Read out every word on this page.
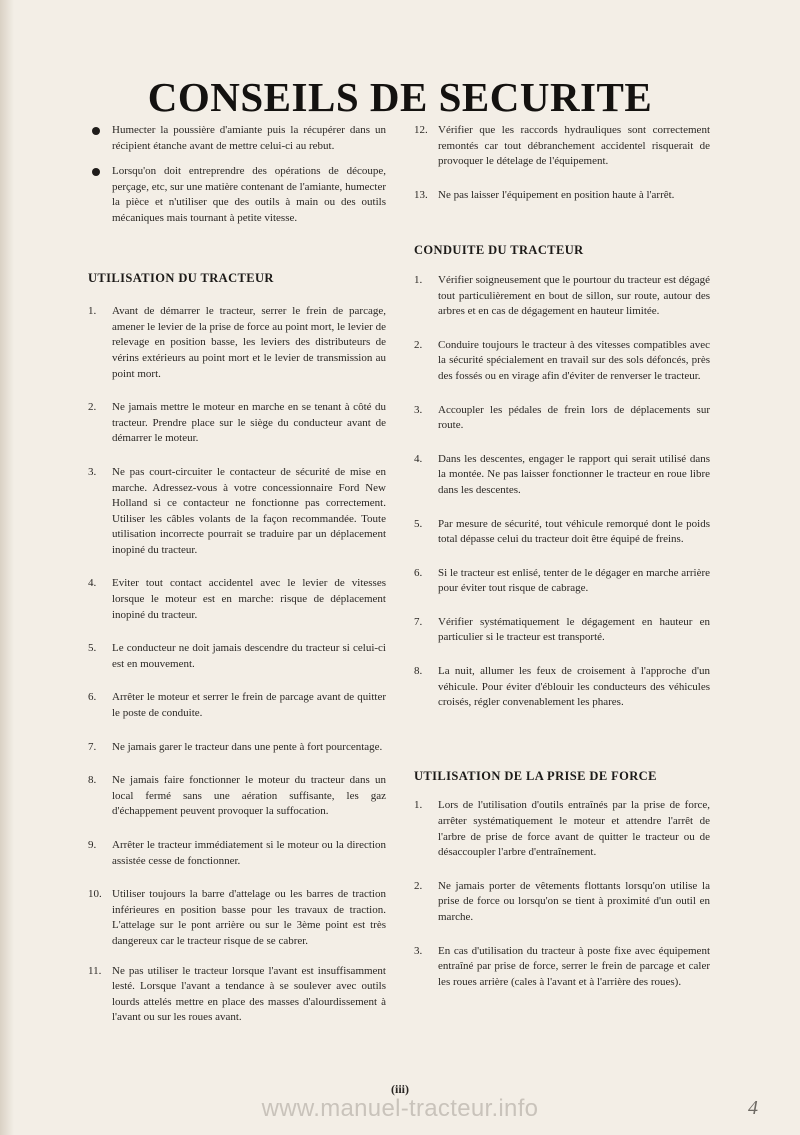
CONSEILS DE SECURITE
Humecter la poussière d'amiante puis la récupérer dans un récipient étanche avant de mettre celui-ci au rebut.
Lorsqu'on doit entreprendre des opérations de découpe, perçage, etc, sur une matière contenant de l'amiante, humecter la pièce et n'utiliser que des outils à main ou des outils mécaniques mais tournant à petite vitesse.
UTILISATION DU TRACTEUR
1.	Avant de démarrer le tracteur, serrer le frein de parcage, amener le levier de la prise de force au point mort, le levier de relevage en position basse, les leviers des distributeurs de vérins extérieurs au point mort et le levier de transmission au point mort.
2.	Ne jamais mettre le moteur en marche en se tenant à côté du tracteur. Prendre place sur le siège du conducteur avant de démarrer le moteur.
3.	Ne pas court-circuiter le contacteur de sécurité de mise en marche. Adressez-vous à votre concessionnaire Ford New Holland si ce contacteur ne fonctionne pas correctement. Utiliser les câbles volants de la façon recommandée. Toute utilisation incorrecte pourrait se traduire par un déplacement inopiné du tracteur.
4.	Eviter tout contact accidentel avec le levier de vitesses lorsque le moteur est en marche: risque de déplacement inopiné du tracteur.
5.	Le conducteur ne doit jamais descendre du tracteur si celui-ci est en mouvement.
6.	Arrêter le moteur et serrer le frein de parcage avant de quitter le poste de conduite.
7.	Ne jamais garer le tracteur dans une pente à fort pourcentage.
8.	Ne jamais faire fonctionner le moteur du tracteur dans un local fermé sans une aération suffisante, les gaz d'échappement peuvent provoquer la suffocation.
9.	Arrêter le tracteur immédiatement si le moteur ou la direction assistée cesse de fonctionner.
10. Utiliser toujours la barre d'attelage ou les barres de traction inférieures en position basse pour les travaux de traction. L'attelage sur le pont arrière ou sur le 3ème point est très dangereux car le tracteur risque de se cabrer.
11. Ne pas utiliser le tracteur lorsque l'avant est insuffisamment lesté. Lorsque l'avant a tendance à se soulever avec outils lourds attelés mettre en place des masses d'alourdissement à l'avant ou sur les roues avant.
12. Vérifier que les raccords hydrauliques sont correctement remontés car tout débranchement accidentel risquerait de provoquer le dételage de l'équipement.
13. Ne pas laisser l'équipement en position haute à l'arrêt.
CONDUITE DU TRACTEUR
1.	Vérifier soigneusement que le pourtour du tracteur est dégagé tout particulièrement en bout de sillon, sur route, autour des arbres et en cas de dégagement en hauteur limitée.
2.	Conduire toujours le tracteur à des vitesses compatibles avec la sécurité spécialement en travail sur des sols défoncés, près des fossés ou en virage afin d'éviter de renverser le tracteur.
3.	Accoupler les pédales de frein lors de déplacements sur route.
4.	Dans les descentes, engager le rapport qui serait utilisé dans la montée. Ne pas laisser fonctionner le tracteur en roue libre dans les descentes.
5.	Par mesure de sécurité, tout véhicule remorqué dont le poids total dépasse celui du tracteur doit être équipé de freins.
6.	Si le tracteur est enlisé, tenter de le dégager en marche arrière pour éviter tout risque de cabrage.
7.	Vérifier systématiquement le dégagement en hauteur en particulier si le tracteur est transporté.
8.	La nuit, allumer les feux de croisement à l'approche d'un véhicule. Pour éviter d'éblouir les conducteurs des véhicules croisés, régler convenablement les phares.
UTILISATION DE LA PRISE DE FORCE
1.	Lors de l'utilisation d'outils entraînés par la prise de force, arrêter systématiquement le moteur et attendre l'arrêt de l'arbre de prise de force avant de quitter le tracteur ou de désaccoupler l'arbre d'entraînement.
2.	Ne jamais porter de vêtements flottants lorsqu'on utilise la prise de force ou lorsqu'on se tient à proximité d'un outil en marche.
3.	En cas d'utilisation du tracteur à poste fixe avec équipement entraîné par prise de force, serrer le frein de parcage et caler les roues arrière (cales à l'avant et à l'arrière des roues).
(iii)
www.manuel-tracteur.info	4
